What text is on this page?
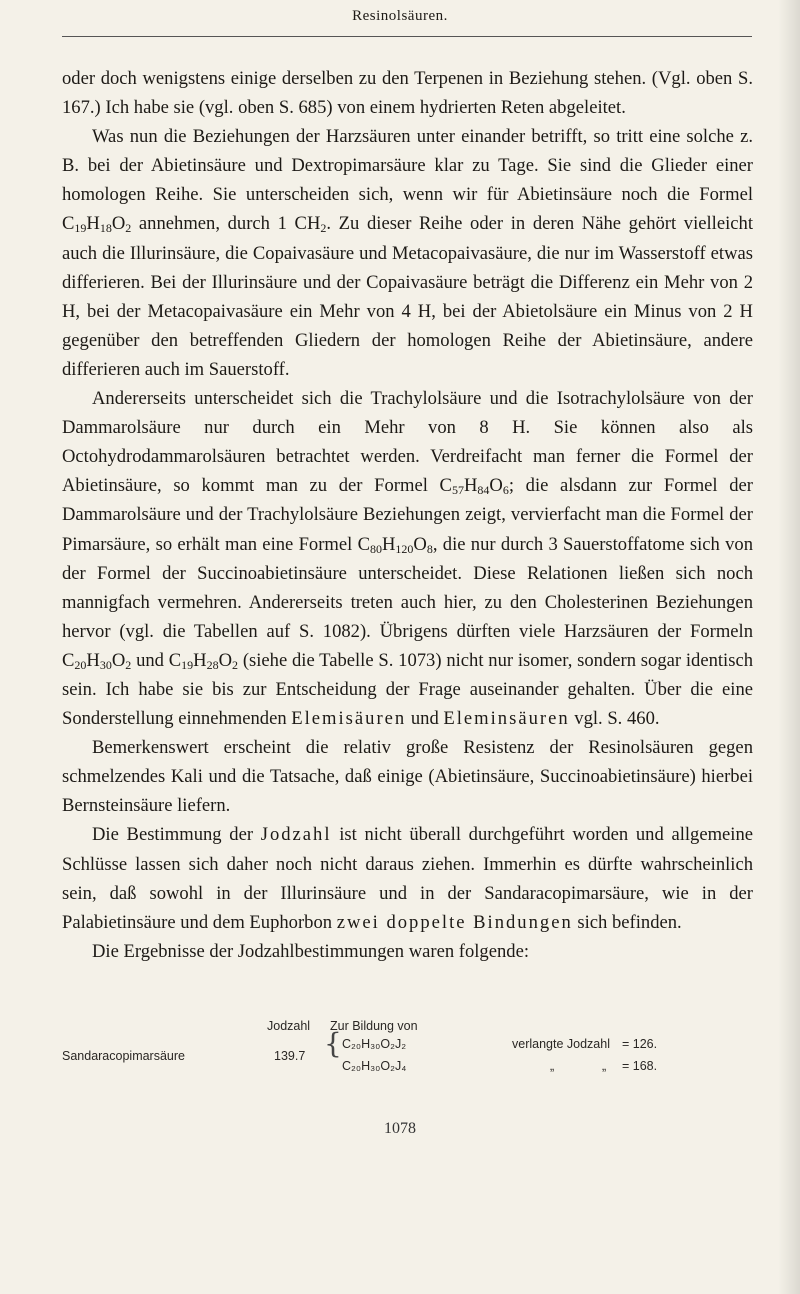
Resinolsäuren.

oder doch wenigstens einige derselben zu den Terpenen in Beziehung stehen. (Vgl. oben S. 167.) Ich habe sie (vgl. oben S. 685) von einem hydrierten Reten abgeleitet.

Was nun die Beziehungen der Harzsäuren unter einander betrifft, so tritt eine solche z. B. bei der Abietinsäure und Dextropimarsäure klar zu Tage. Sie sind die Glieder einer homologen Reihe. Sie unterscheiden sich, wenn wir für Abietinsäure noch die Formel $C_{19}H_{18}O_2$ annehmen, durch 1 $CH_2$. Zu dieser Reihe oder in deren Nähe gehört vielleicht auch die Illurinsäure, die Copaivasäure und Metacopaivasäure, die nur im Wasserstoff etwas differieren. Bei der Illurinsäure und der Copaivasäure beträgt die Differenz ein Mehr von 2 H, bei der Metacopaivasäure ein Mehr von 4 H, bei der Abietolsäure ein Minus von 2 H gegenüber den betreffenden Gliedern der homologen Reihe der Abietinsäure, andere differieren auch im Sauerstoff.

Andererseits unterscheidet sich die Trachylolsäure und die Isotrachylolsäure von der Dammarolsäure nur durch ein Mehr von 8 H. Sie können also als Octohydrodammarolsäuren betrachtet werden. Verdreifacht man ferner die Formel der Abietinsäure, so kommt man zu der Formel $C_{57}H_{84}O_6$; die alsdann zur Formel der Dammarolsäure und der Trachylolsäure Beziehungen zeigt, vervierfacht man die Formel der Pimarsäure, so erhält man eine Formel $C_{80}H_{120}O_8$, die nur durch 3 Sauerstoffatome sich von der Formel der Succinoabietinsäure unterscheidet. Diese Relationen ließen sich noch mannigfach vermehren. Andererseits treten auch hier, zu den Cholesterinen Beziehungen hervor (vgl. die Tabellen auf S. 1082). Übrigens dürften viele Harzsäuren der Formeln $C_{20}H_{30}O_2$ und $C_{19}H_{28}O_2$ (siehe die Tabelle S. 1073) nicht nur isomer, sondern sogar identisch sein. Ich habe sie bis zur Entscheidung der Frage auseinander gehalten. Über die eine Sonderstellung einnehmenden Elemisäuren und Eleminsäuren vgl. S. 460.

Bemerkenswert erscheint die relativ große Resistenz der Resinolsäuren gegen schmelzendes Kali und die Tatsache, daß einige (Abietinsäure, Succinoabietinsäure) hierbei Bernsteinsäure liefern.

Die Bestimmung der Jodzahl ist nicht überall durchgeführt worden und allgemeine Schlüsse lassen sich daher noch nicht daraus ziehen. Immerhin es dürfte wahrscheinlich sein, daß sowohl in der Illurinsäure und in der Sandaracopimarsäure, wie in der Palabietinsäure und dem Euphorbon zwei doppelte Bindungen sich befinden.

Die Ergebnisse der Jodzahlbestimmungen waren folgende:

Jodzahl Zur Bildung von
Sandaracopimarsäure	139.7 { C₂₀H₃₀O₂J₂
C₂₀H₃₀O₂J₄
verlangte Jodzahl = 126.
„	„ = 168.
1078
